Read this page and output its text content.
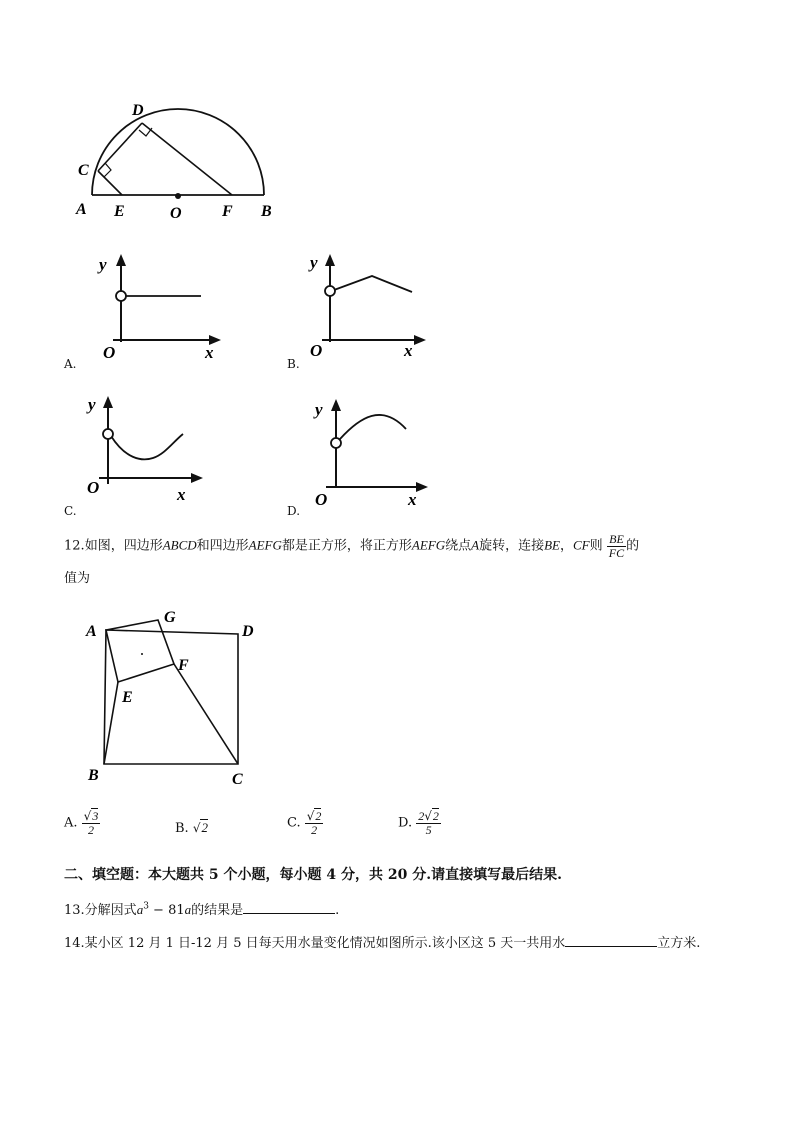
A E	O	F B
C
D
y
O	x
A.
y
O	x
B.
y
O	x
C.
y
O	x
D.
12.如图，四边形ABCD和四边形AEFG都是正方形，将正方形AEFG绕点A旋转，连接BE，CF则 $\frac{BE}{FC}$ 的
值为
A
G
D
F
E
B	C
A. $\frac{√3}{2}$	B. √2	C. $\frac{√2}{2}$	D. $\frac{2√2}{5}$
二、填空题：本大题共 5 个小题，每小题 4 分，共 20 分.请直接填写最后结果.
13.分解因式$a^3 - 81a$的结果是	.
14.某小区 12 月 1 日-12 月 5 日每天用水量变化情况如图所示.该小区这 5 天一共用水	立方米.
